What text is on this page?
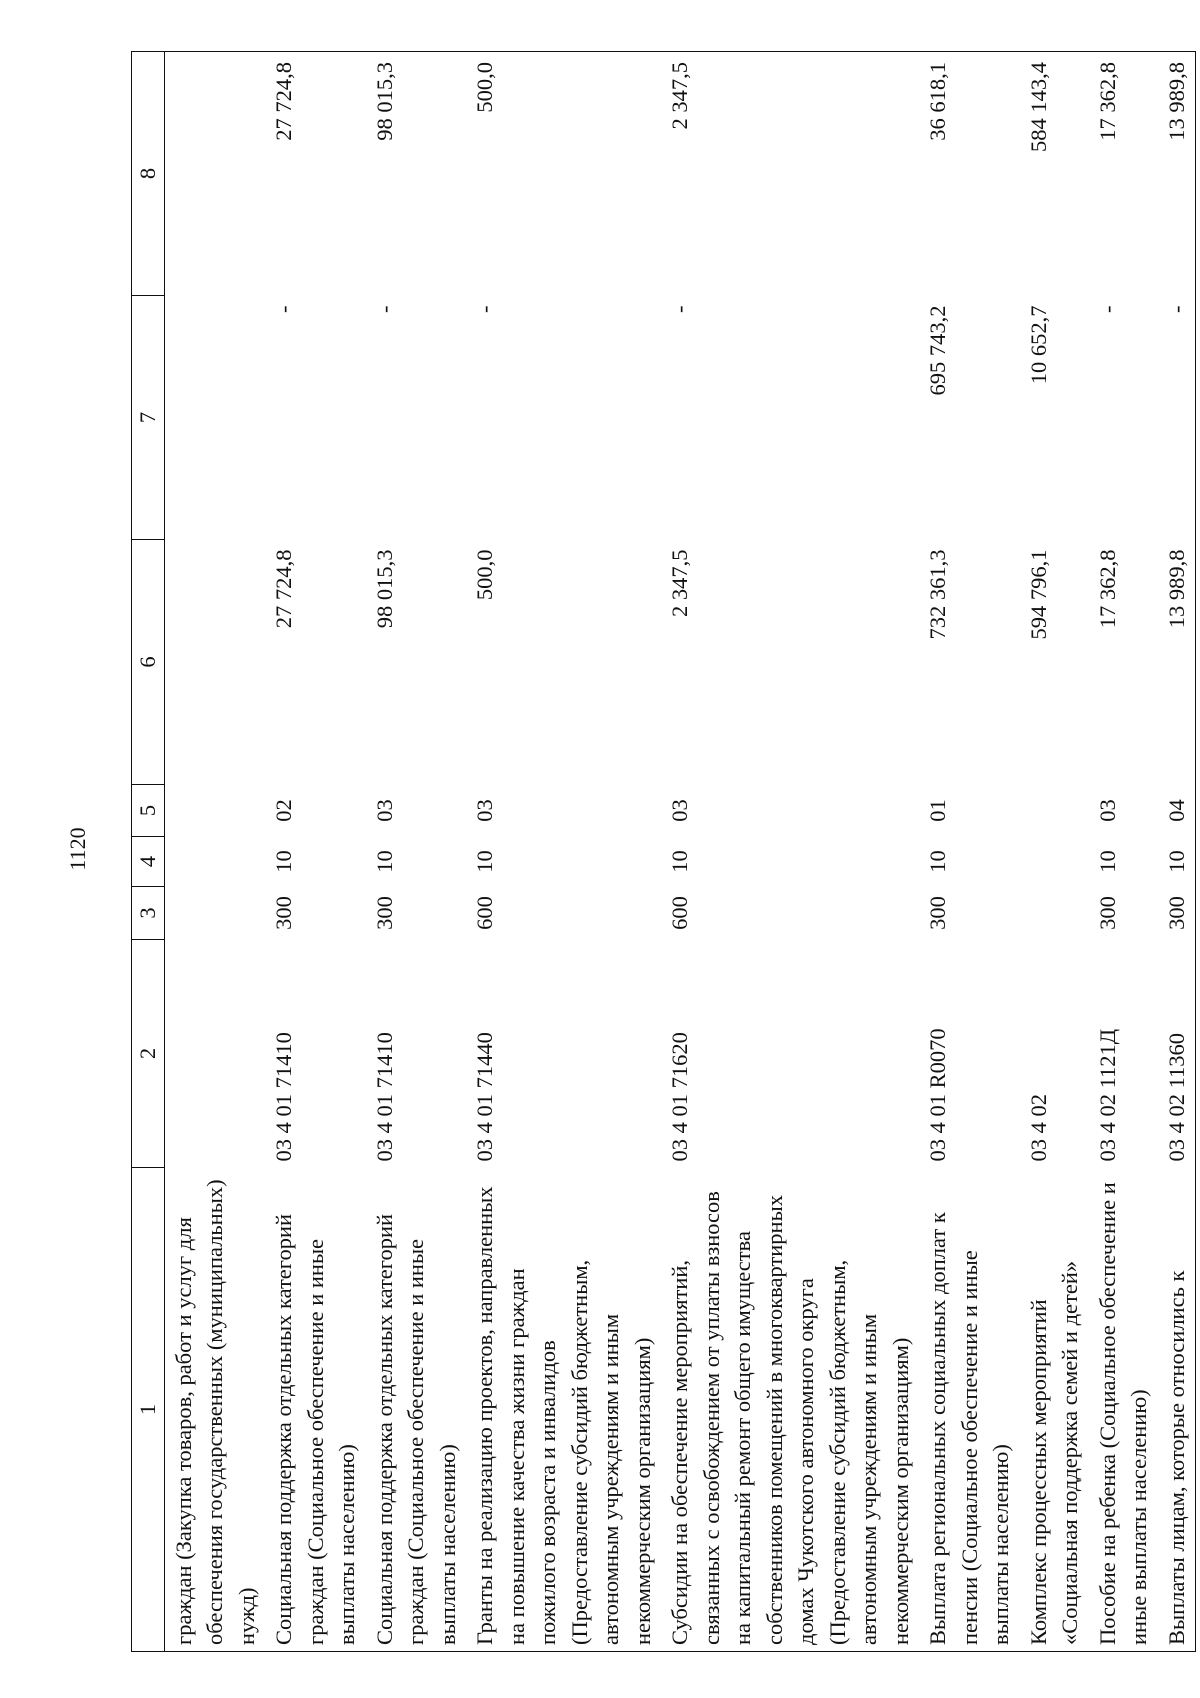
1120
1	2	3	4	5	6	7	8
граждан (Закупка товаров, работ и услуг для обеспечения государственных (муниципальных) нужд)							
Социальная поддержка отдельных категорий граждан (Социальное обеспечение и иные выплаты населению)	03 4 01 71410	300	10	02	27 724,8	-	27 724,8
Социальная поддержка отдельных категорий граждан (Социальное обеспечение и иные выплаты населению)	03 4 01 71410	300	10	03	98 015,3	-	98 015,3
Гранты на реализацию проектов, направленных на повышение качества жизни граждан пожилого возраста и инвалидов (Предоставление субсидий бюджетным, автономным учреждениям и иным некоммерческим организациям)	03 4 01 71440	600	10	03	500,0	-	500,0
Субсидии на обеспечение мероприятий, связанных с освобождением от уплаты взносов на капитальный ремонт общего имущества собственников помещений в многоквартирных домах Чукотского автономного округа (Предоставление субсидий бюджетным, автономным учреждениям и иным некоммерческим организациям)	03 4 01 71620	600	10	03	2 347,5	-	2 347,5
Выплата региональных социальных доплат к пенсии (Социальное обеспечение и иные выплаты населению)	03 4 01 R0070	300	10	01	732 361,3	695 743,2	36 618,1
Комплекс процессных мероприятий «Социальная поддержка семей и детей»	03 4 02				594 796,1	10 652,7	584 143,4
Пособие на ребенка (Социальное обеспечение и иные выплаты населению)	03 4 02 1121Д	300	10	03	17 362,8	-	17 362,8
Выплаты лицам, которые относились к	03 4 02 11360	300	10	04	13 989,8	-	13 989,8
